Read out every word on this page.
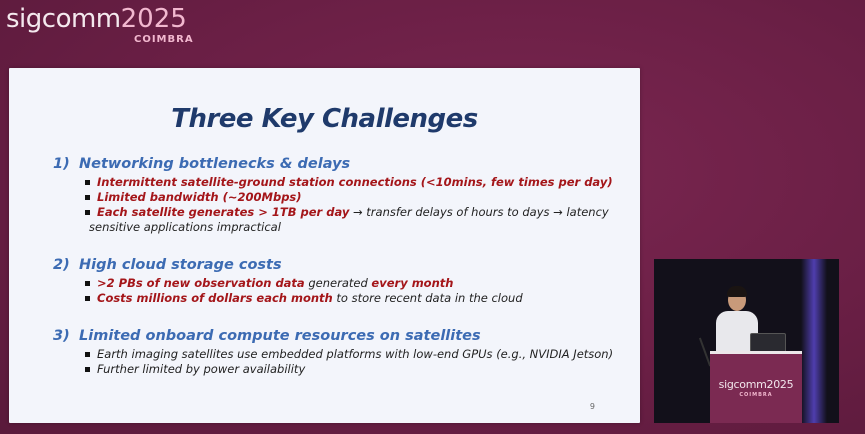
sigcomm2025
COIMBRA
Three Key Challenges
1) Networking bottlenecks & delays
Intermittent satellite-ground station connections (<10mins, few times per day)
Limited bandwidth (~200Mbps)
Each satellite generates > 1TB per day → transfer delays of hours to days → latency
sensitive applications impractical
2) High cloud storage costs
>2 PBs of new observation data generated every month
Costs millions of dollars each month to store recent data in the cloud
3) Limited onboard compute resources on satellites
Earth imaging satellites use embedded platforms with low-end GPUs (e.g., NVIDIA Jetson)
Further limited by power availability
9
sigcomm2025
COIMBRA
